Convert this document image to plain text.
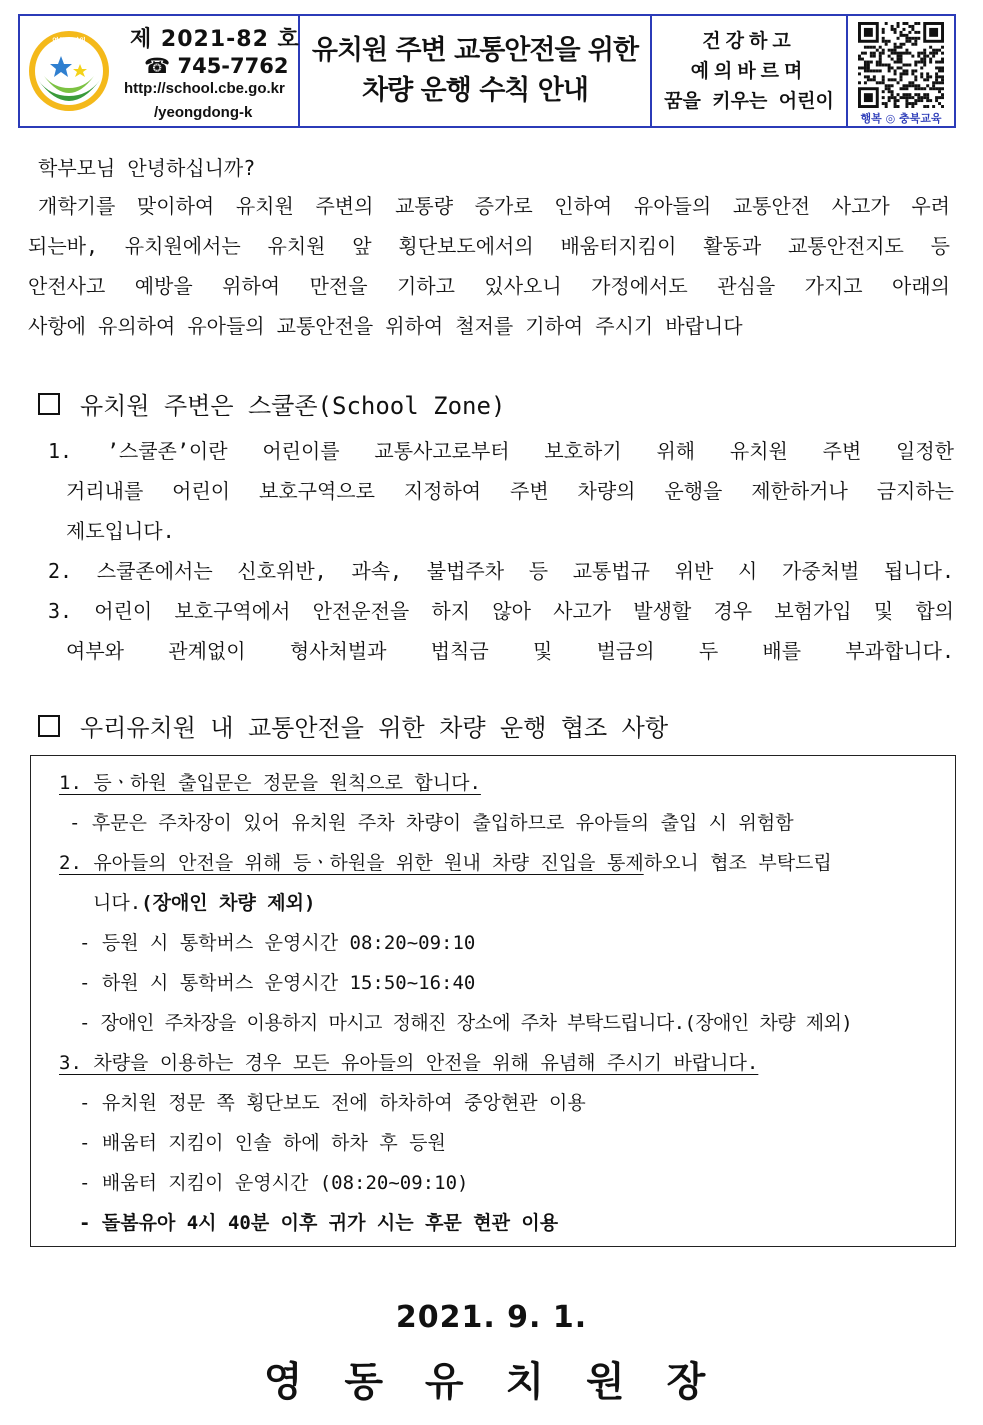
영동유치원 제 2021-82 호
☎ 745-7762
http://school.cbe.go.kr
/yeongdong-k
유치원 주변 교통안전을 위한
차량 운행 수칙 안내
건강하고
예의바르며
꿈을 키우는 어린이
행복 ◎ 충북교육
학부모님 안녕하십니까?
개학기를 맞이하여 유치원 주변의 교통량 증가로 인하여 유아들의 교통안전 사고가 우려
되는바, 유치원에서는 유치원 앞 횡단보도에서의 배움터지킴이 활동과 교통안전지도 등
안전사고 예방을 위하여 만전을 기하고 있사오니 가정에서도 관심을 가지고 아래의
사항에 유의하여 유아들의 교통안전을 위하여 철저를 기하여 주시기 바랍니다
유치원 주변은 스쿨존(School Zone)
1. ’스쿨존’이란 어린이를 교통사고로부터 보호하기 위해 유치원 주변 일정한
거리내를 어린이 보호구역으로 지정하여 주변 차량의 운행을 제한하거나 금지하는
제도입니다.
2. 스쿨존에서는 신호위반, 과속, 불법주차 등 교통법규 위반 시 가중처벌 됩니다.
3. 어린이 보호구역에서 안전운전을 하지 않아 사고가 발생할 경우 보험가입 및 합의
여부와 관계없이 형사처벌과 법칙금 및 벌금의 두 배를 부과합니다.
우리유치원 내 교통안전을 위한 차량 운행 협조 사항
1. 등ㆍ하원 출입문은 정문을 원칙으로 합니다.
- 후문은 주차장이 있어 유치원 주차 차량이 출입하므로 유아들의 출입 시 위험함
2. 유아들의 안전을 위해 등ㆍ하원을 위한 원내 차량 진입을 통제하오니 협조 부탁드립
니다.(장애인 차량 제외)
- 등원 시 통학버스 운영시간 08:20~09:10
- 하원 시 통학버스 운영시간 15:50~16:40
- 장애인 주차장을 이용하지 마시고 정해진 장소에 주차 부탁드립니다.(장애인 차량 제외)
3. 차량을 이용하는 경우 모든 유아들의 안전을 위해 유념해 주시기 바랍니다.
- 유치원 정문 쪽 횡단보도 전에 하차하여 중앙현관 이용
- 배움터 지킴이 인솔 하에 하차 후 등원
- 배움터 지킴이 운영시간 (08:20~09:10)
- 돌봄유아 4시 40분 이후 귀가 시는 후문 현관 이용
2021. 9. 1.
영 동 유 치 원 장
